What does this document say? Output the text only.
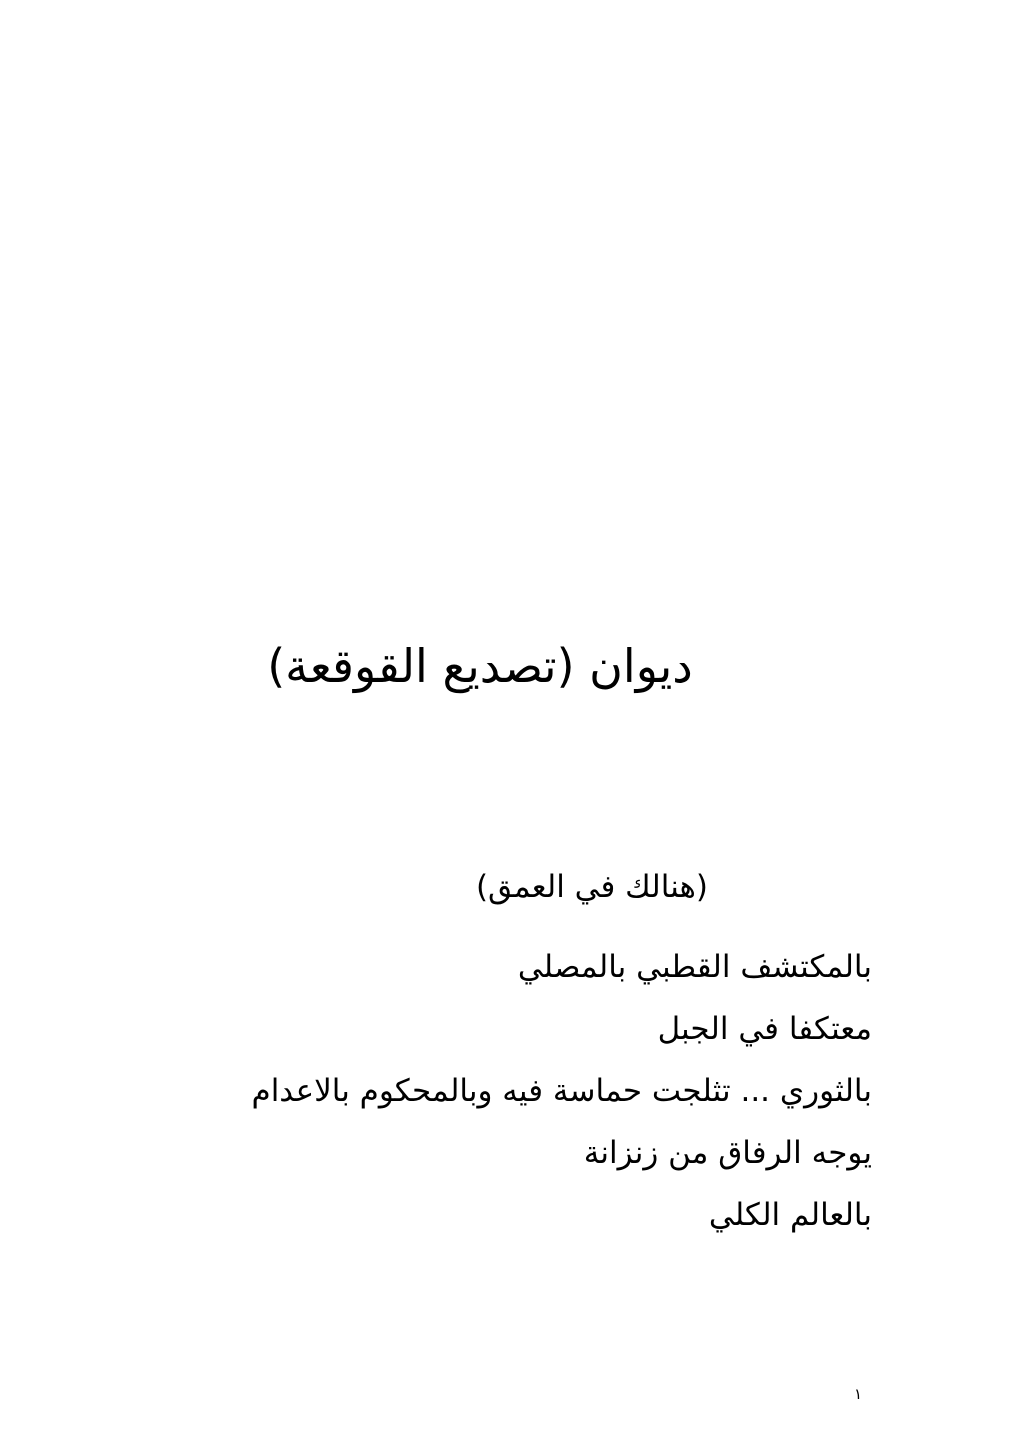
ديوان (تصديع القوقعة)
(هنالك في العمق)
بالمكتشف القطبي بالمصلي
معتكفا في الجبل
بالثوري ... تثلجت حماسة فيه وبالمحكوم بالاعدام
يوجه الرفاق من زنزانة
بالعالم الكلي
١
